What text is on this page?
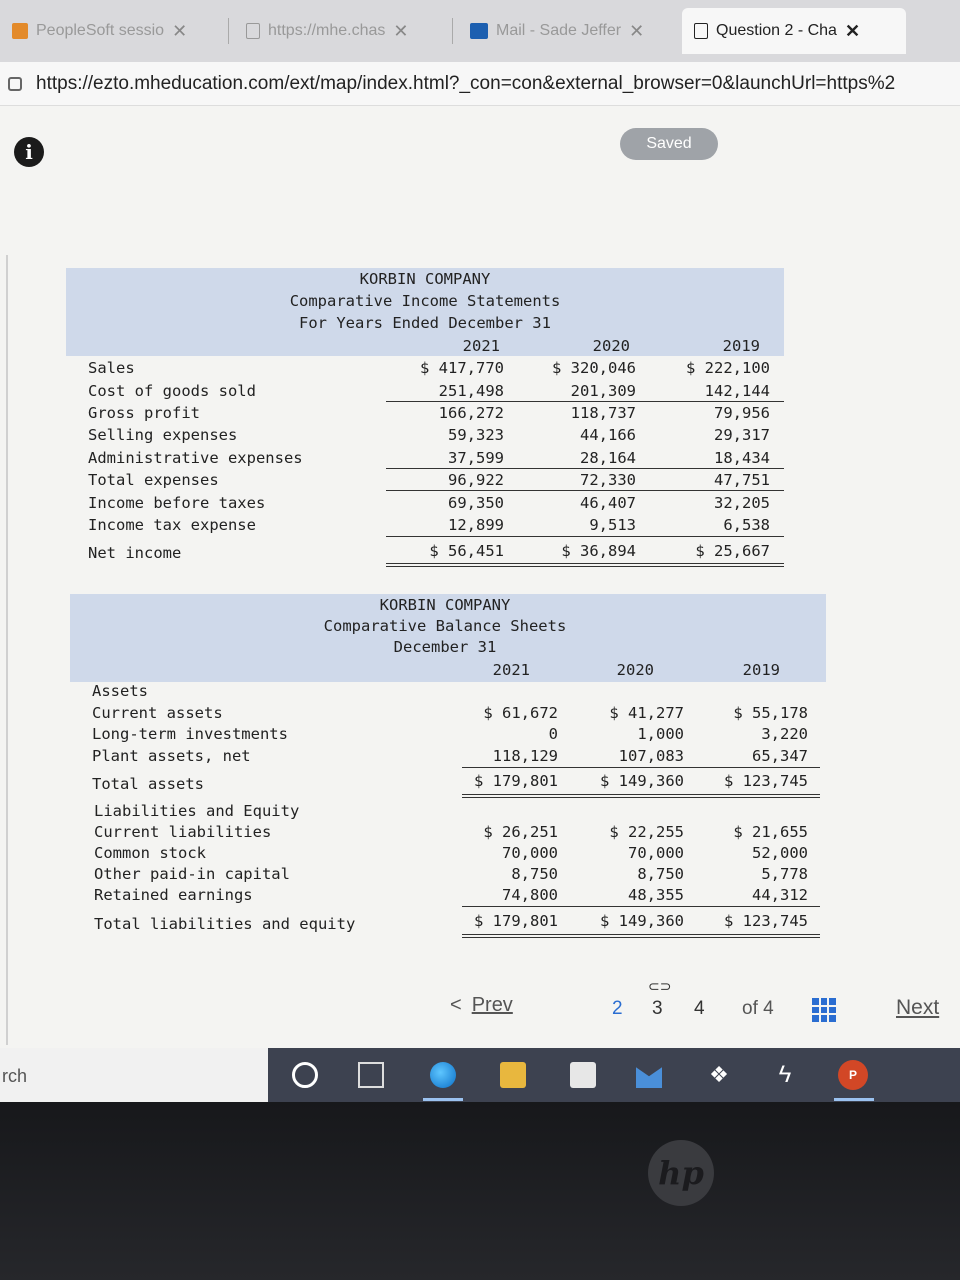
PeopleSoft sessio ✕	https://mhe.chas ✕	Mail - Sade Jeffer ✕	Question 2 - Cha ✕
https://ezto.mheducation.com/ext/map/index.html?_con=con&external_browser=0&launchUrl=https%2
i	Saved
KORBIN COMPANY
Comparative Income Statements
For Years Ended December 31
2021	2020	2019
Sales	$ 417,770	$ 320,046	$ 222,100
Cost of goods sold	251,498	201,309	142,144
Gross profit	166,272	118,737	79,956
Selling expenses	59,323	44,166	29,317
Administrative expenses	37,599	28,164	18,434
Total expenses	96,922	72,330	47,751
Income before taxes	69,350	46,407	32,205
Income tax expense	12,899	9,513	6,538
Net income	$ 56,451	$ 36,894	$ 25,667
KORBIN COMPANY
Comparative Balance Sheets
December 31
2021	2020	2019
Assets
Current assets	$ 61,672	$ 41,277	$ 55,178
Long-term investments	0	1,000	3,220
Plant assets, net	118,129	107,083	65,347
Total assets	$ 179,801	$ 149,360	$ 123,745
Liabilities and Equity
Current liabilities	$ 26,251	$ 22,255	$ 21,655
Common stock	70,000	70,000	52,000
Other paid-in capital	8,750	8,750	5,778
Retained earnings	74,800	48,355	44,312
Total liabilities and equity	$ 179,801	$ 149,360	$ 123,745
< Prev
⊂⊃
2 3 4 of 4	Next
rch	❖ ϟ	P
hp
